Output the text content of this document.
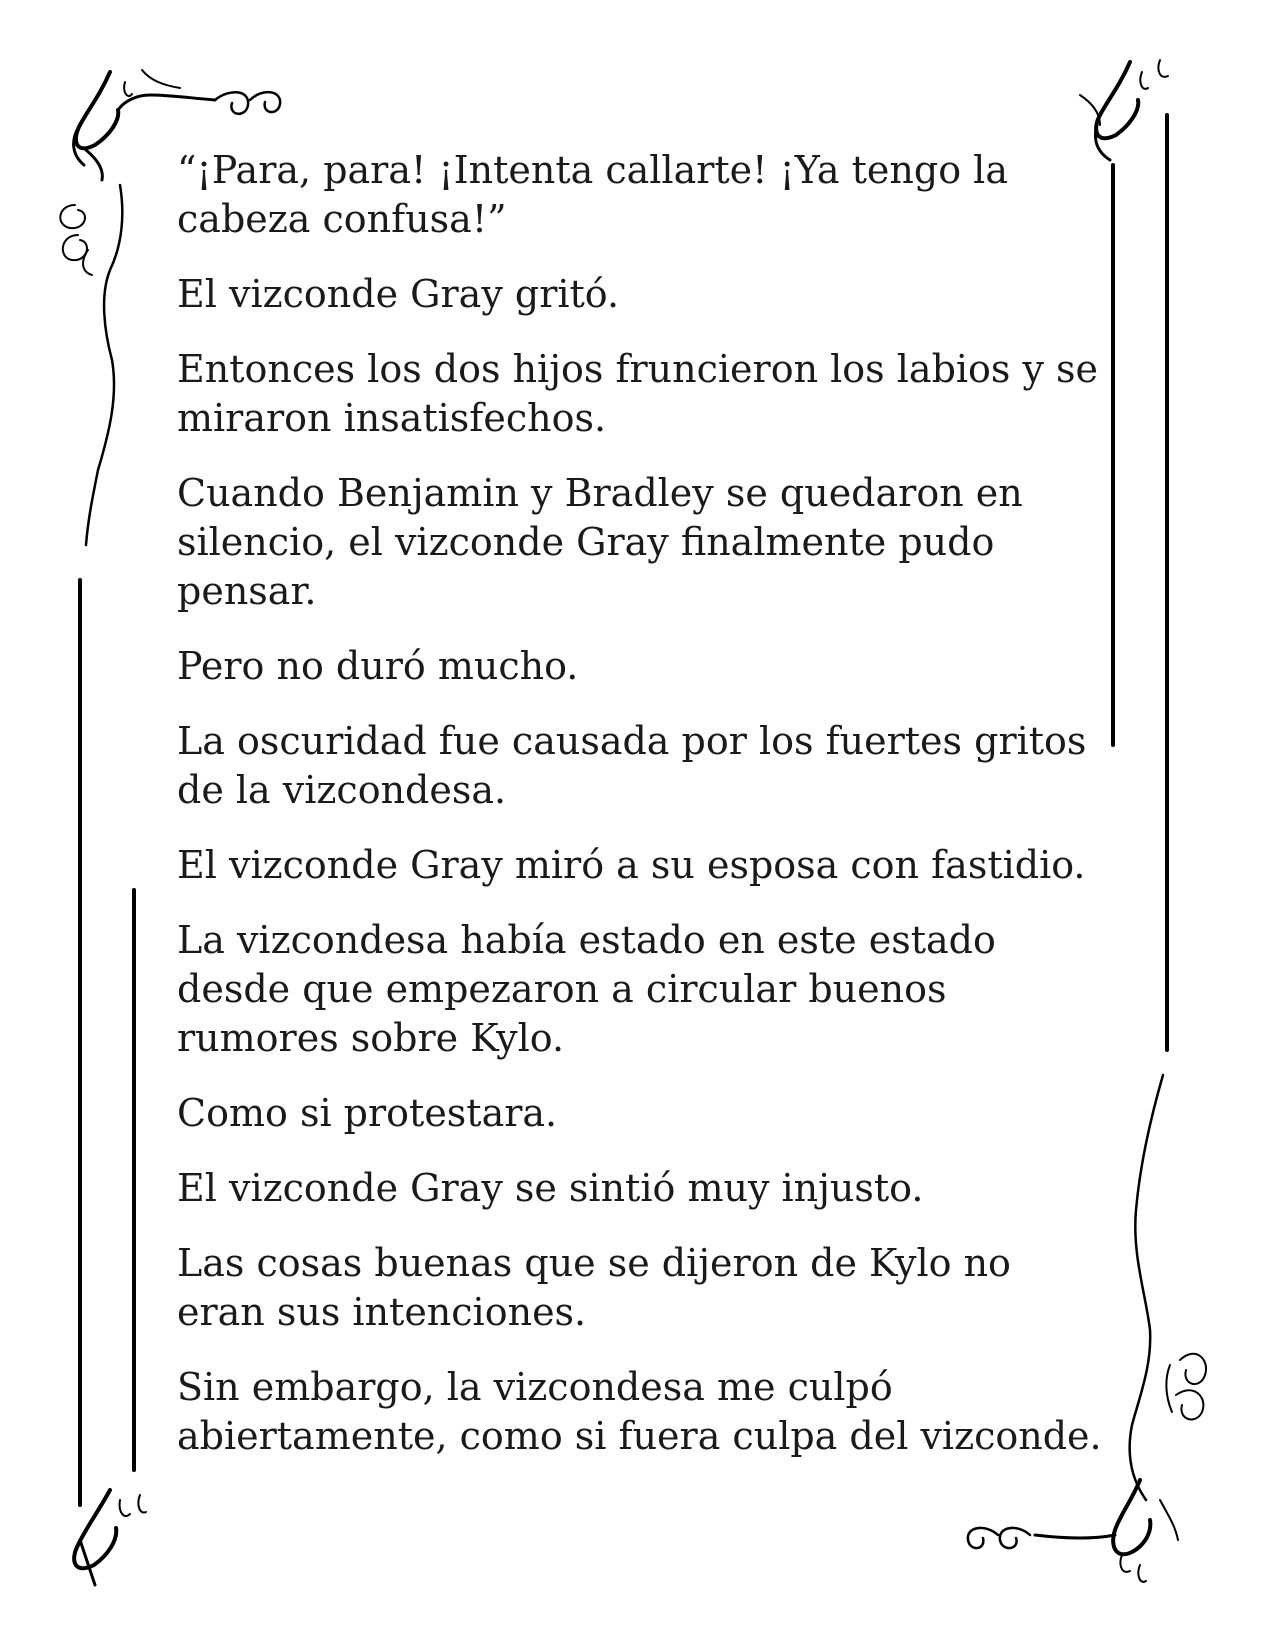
“¡Para, para! ¡Intenta callarte! ¡Ya tengo la
cabeza confusa!”

El vizconde Gray gritó.

Entonces los dos hijos fruncieron los labios y se
miraron insatisfechos.

Cuando Benjamin y Bradley se quedaron en
silencio, el vizconde Gray finalmente pudo
pensar.

Pero no duró mucho.

La oscuridad fue causada por los fuertes gritos
de la vizcondesa.

El vizconde Gray miró a su esposa con fastidio.

La vizcondesa había estado en este estado
desde que empezaron a circular buenos
rumores sobre Kylo.

Como si protestara.

El vizconde Gray se sintió muy injusto.

Las cosas buenas que se dijeron de Kylo no
eran sus intenciones.

Sin embargo, la vizcondesa me culpó
abiertamente, como si fuera culpa del vizconde.
